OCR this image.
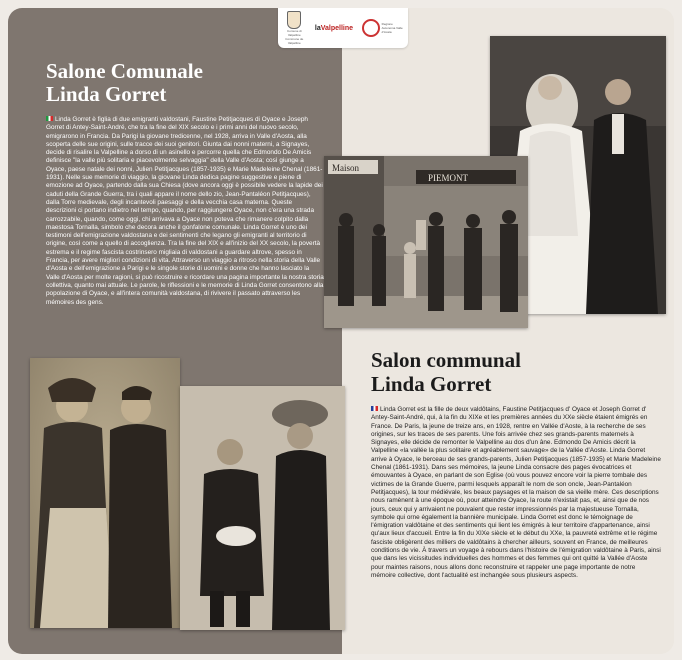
Comune di Valpelline Commune de Valpelline
laValpelline
Regione Autonoma Valle d'Aosta
Maison
PIEMONT
Salone Comunale
Linda Gorret

Linda Gorret è figlia di due emigranti valdostani, Faustine Petitjacques di Oyace e Joseph Gorret di Antey-Saint-André, che tra la fine del XIX secolo e i primi anni del nuovo secolo, emigrarono in Francia. Da Parigi la giovane tredicenne, nel 1928, arriva in Valle d'Aosta, alla scoperta delle sue origini, sulle tracce dei suoi genitori. Giunta dai nonni materni, a Signayes, decide di risalire la Valpelline a dorso di un asinello e percorre quella che Edmondo De Amicis definisce "la valle più solitaria e piacevolmente selvaggia" della Valle d'Aosta; così giunge a Oyace, paese natale dei nonni, Julien Petitjacques (1857-1935) e Marie Madeleine Chenal (1861-1931). Nelle sue memorie di viaggio, la giovane Linda dedica pagine suggestive e piene di emozione ad Oyace, partendo dalla sua Chiesa (dove ancora oggi è possibile vedere la lapide dei caduti della Grande Guerra, tra i quali appare il nome dello zio, Jean-Pantaléon Petitjacques), dalla Torre medievale, degli incantevoli paesaggi e della vecchia casa materna. Queste descrizioni ci portano indietro nel tempo, quando, per raggiungere Oyace, non c'era una strada carrozzabile, quando, come oggi, chi arrivava a Oyace non poteva che rimanere colpito dalla maestosa Tornalla, simbolo che decora anche il gonfalone comunale. Linda Gorret è uno dei testimoni dell'emigrazione valdostana e dei sentimenti che legano gli emigranti al territorio di origine, così come a quello di accoglienza. Tra la fine del XIX e all'inizio del XX secolo, la povertà estrema e il regime fascista costrinsero migliaia di valdostani a guardare altrove, spesso in Francia, per avere migliori condizioni di vita. Attraverso un viaggio a ritroso nella storia della Valle d'Aosta e dell'emigrazione a Parigi e le singole storie di uomini e donne che hanno lasciato la Valle d'Aosta per molte ragioni, si può ricostruire e ricordare una pagina importante la nostra storia collettiva, quanto mai attuale. Le parole, le riflessioni e le memorie di Linda Gorret consentono alla popolazione di Oyace, e all'intera comunità valdostana, di rivivere il passato attraverso les mémoires des gens.

Salon communal
Linda Gorret

Linda Gorret est la fille de deux valdôtains, Faustine Petitjacques d' Oyace et Joseph Gorret d' Antey-Saint-André, qui, à la fin du XIXe et les premières années du XXe siècle étaient émigrés en France. De Paris, la jeune de treize ans, en 1928, rentre en Vallée d'Aoste, à la recherche de ses origines, sur les traces de ses parents. Une fois arrivée chez ses grands-parents maternels à Signayes, elle décide de remonter le Valpelline au dos d'un âne. Edmondo De Amicis décrit la Valpelline «la vallée la plus solitaire et agréablement sauvage» de la Vallée d'Aoste. Linda Gorret arrive à Oyace, le berceau de ses grands-parents, Julien Petitjacques (1857-1935) et Marie Madeleine Chenal (1861-1931). Dans ses mémoires, la jeune Linda consacre des pages évocatrices et émouvantes à Oyace, en parlant de son Eglise (où vous pouvez encore voir la pierre tombale des victimes de la Grande Guerre, parmi lesquels apparaît le nom de son oncle, Jean-Pantaléon Petitjacques), la tour médiévale, les beaux paysages et la maison de sa vieille mère. Ces descriptions nous ramènent à une époque où, pour atteindre Oyace, la route n'existait pas, et, ainsi que de nos jours, ceux qui y arrivaient ne pouvaient que rester impressionnés par la majestueuse Tornalla, symbole qui orne également la bannière municipale. Linda Gorret est donc le témoignage de l'émigration valdôtaine et des sentiments qui lient les émigrés à leur territoire d'appartenance, ainsi qu'aux lieux d'accueil. Entre la fin du XIXe siècle et le début du XXe, la pauvreté extrême et le régime fasciste obligèrent des milliers de valdôtains à chercher ailleurs, souvent en France, de meilleures conditions de vie. À travers un voyage à rebours dans l'histoire de l'émigration valdôtaine à Paris, ainsi que dans les vicissitudes individuelles des hommes et des femmes qui ont quitté la Vallée d'Aoste pour maintes raisons, nous allons donc reconstruire et rappeler une page importante de notre mémoire collective, dont l'actualité est inchangée sous plusieurs aspects.
